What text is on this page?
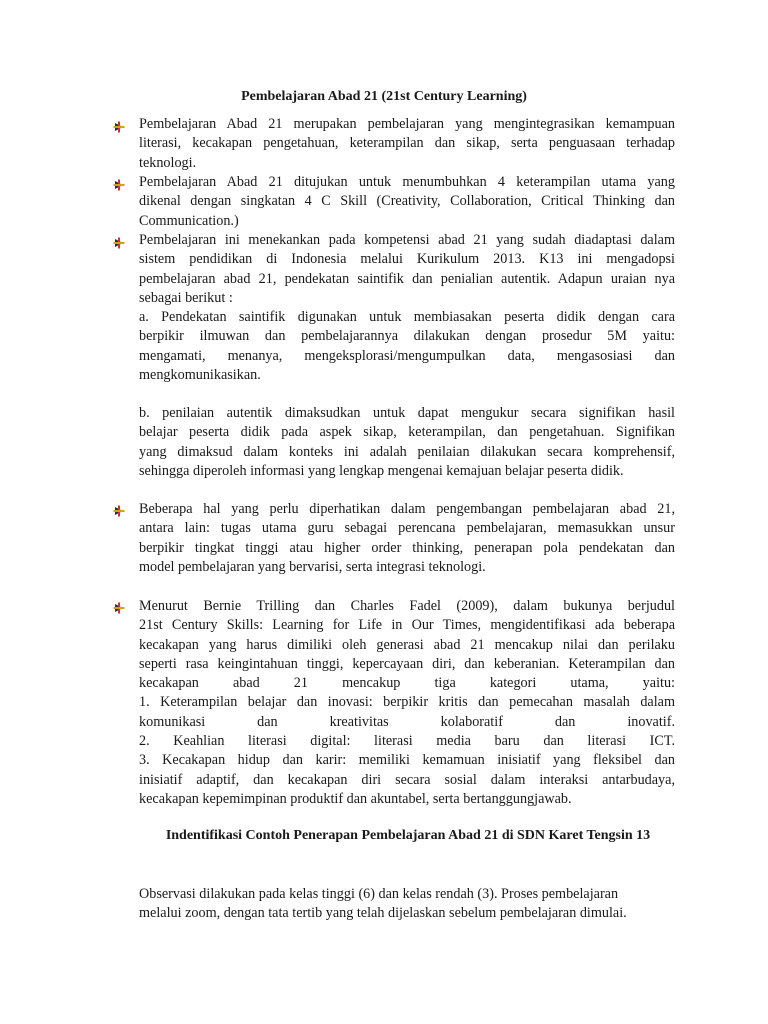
Pembelajaran Abad 21 (21st Century Learning)
Pembelajaran Abad 21 merupakan pembelajaran yang mengintegrasikan kemampuan
literasi, kecakapan pengetahuan, keterampilan dan sikap, serta penguasaan terhadap
teknologi.
Pembelajaran Abad 21 ditujukan untuk menumbuhkan 4 keterampilan utama yang
dikenal dengan singkatan 4 C Skill (Creativity, Collaboration, Critical Thinking dan
Communication.)
Pembelajaran ini menekankan pada kompetensi abad 21 yang sudah diadaptasi dalam
sistem pendidikan di Indonesia melalui Kurikulum 2013. K13 ini mengadopsi
pembelajaran abad 21, pendekatan saintifik dan penialian autentik. Adapun uraian nya
sebagai berikut :
a. Pendekatan saintifik digunakan untuk membiasakan peserta didik dengan cara
berpikir ilmuwan dan pembelajarannya dilakukan dengan prosedur 5M yaitu:
mengamati, menanya, mengeksplorasi/mengumpulkan data, mengasosiasi dan
mengkomunikasikan.
b. penilaian autentik dimaksudkan untuk dapat mengukur secara signifikan hasil
belajar peserta didik pada aspek sikap, keterampilan, dan pengetahuan. Signifikan
yang dimaksud dalam konteks ini adalah penilaian dilakukan secara komprehensif,
sehingga diperoleh informasi yang lengkap mengenai kemajuan belajar peserta didik.
Beberapa hal yang perlu diperhatikan dalam pengembangan pembelajaran abad 21,
antara lain: tugas utama guru sebagai perencana pembelajaran, memasukkan unsur
berpikir tingkat tinggi atau higher order thinking, penerapan pola pendekatan dan
model pembelajaran yang bervarisi, serta integrasi teknologi.
Menurut Bernie Trilling dan Charles Fadel (2009), dalam bukunya berjudul
21st Century Skills: Learning for Life in Our Times, mengidentifikasi ada beberapa
kecakapan yang harus dimiliki oleh generasi abad 21 mencakup nilai dan perilaku
seperti rasa keingintahuan tinggi, kepercayaan diri, dan keberanian. Keterampilan dan
kecakapan abad 21 mencakup tiga kategori utama, yaitu:
1. Keterampilan belajar dan inovasi: berpikir kritis dan pemecahan masalah dalam
komunikasi dan kreativitas kolaboratif dan inovatif.
2. Keahlian literasi digital: literasi media baru dan literasi ICT.
3. Kecakapan hidup dan karir: memiliki kemamuan inisiatif yang fleksibel dan
inisiatif adaptif, dan kecakapan diri secara sosial dalam interaksi antarbudaya,
kecakapan kepemimpinan produktif dan akuntabel, serta bertanggungjawab.
Indentifikasi Contoh Penerapan Pembelajaran Abad 21 di SDN Karet Tengsin 13
Observasi dilakukan pada kelas tinggi (6) dan kelas rendah (3). Proses pembelajaran
melalui zoom, dengan tata tertib yang telah dijelaskan sebelum pembelajaran dimulai.
